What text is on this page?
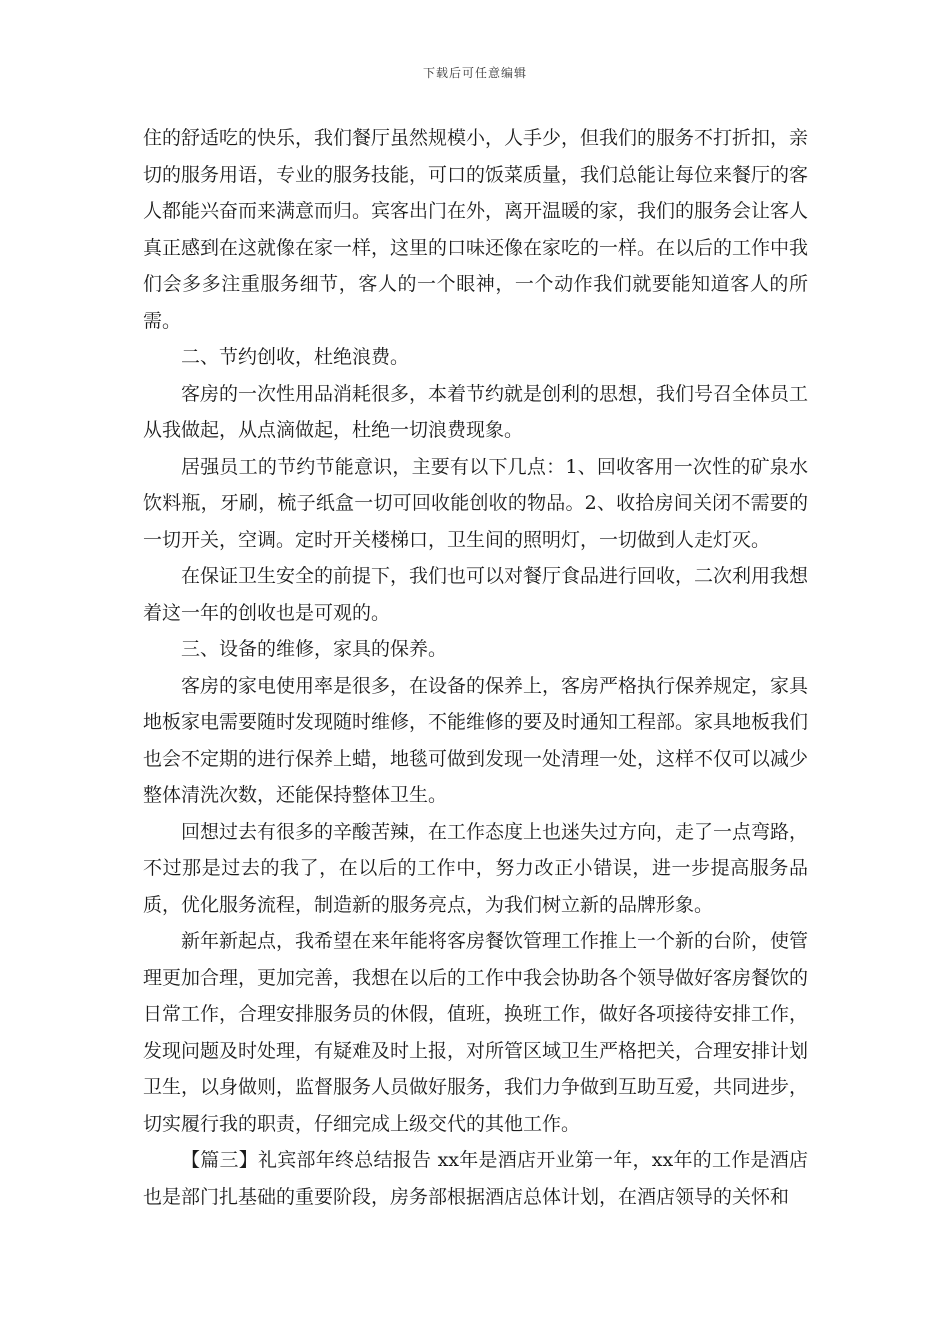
下载后可任意编辑

住的舒适吃的快乐，我们餐厅虽然规模小，人手少，但我们的服务不打折扣，亲切的服务用语，专业的服务技能，可口的饭菜质量，我们总能让每位来餐厅的客人都能兴奋而来满意而归。宾客出门在外，离开温暖的家，我们的服务会让客人真正感到在这就像在家一样，这里的口味还像在家吃的一样。在以后的工作中我们会多多注重服务细节，客人的一个眼神，一个动作我们就要能知道客人的所需。

二、节约创收，杜绝浪费。

客房的一次性用品消耗很多，本着节约就是创利的思想，我们号召全体员工从我做起，从点滴做起，杜绝一切浪费现象。

居强员工的节约节能意识，主要有以下几点：1、回收客用一次性的矿泉水饮料瓶，牙刷，梳子纸盒一切可回收能创收的物品。2、收拾房间关闭不需要的一切开关，空调。定时开关楼梯口，卫生间的照明灯，一切做到人走灯灭。

在保证卫生安全的前提下，我们也可以对餐厅食品进行回收，二次利用我想着这一年的创收也是可观的。

三、设备的维修，家具的保养。

客房的家电使用率是很多，在设备的保养上，客房严格执行保养规定，家具地板家电需要随时发现随时维修，不能维修的要及时通知工程部。家具地板我们也会不定期的进行保养上蜡，地毯可做到发现一处清理一处，这样不仅可以减少整体清洗次数，还能保持整体卫生。

回想过去有很多的辛酸苦辣，在工作态度上也迷失过方向，走了一点弯路，不过那是过去的我了，在以后的工作中，努力改正小错误，进一步提高服务品质，优化服务流程，制造新的服务亮点，为我们树立新的品牌形象。

新年新起点，我希望在来年能将客房餐饮管理工作推上一个新的台阶，使管理更加合理，更加完善，我想在以后的工作中我会协助各个领导做好客房餐饮的日常工作，合理安排服务员的休假，值班，换班工作，做好各项接待安排工作，发现问题及时处理，有疑难及时上报，对所管区域卫生严格把关，合理安排计划卫生，以身做则，监督服务人员做好服务，我们力争做到互助互爱，共同进步，切实履行我的职责，仔细完成上级交代的其他工作。

【篇三】礼宾部年终总结报告 xx年是酒店开业第一年，xx年的工作是酒店也是部门扎基础的重要阶段，房务部根据酒店总体计划，在酒店领导的关怀和
